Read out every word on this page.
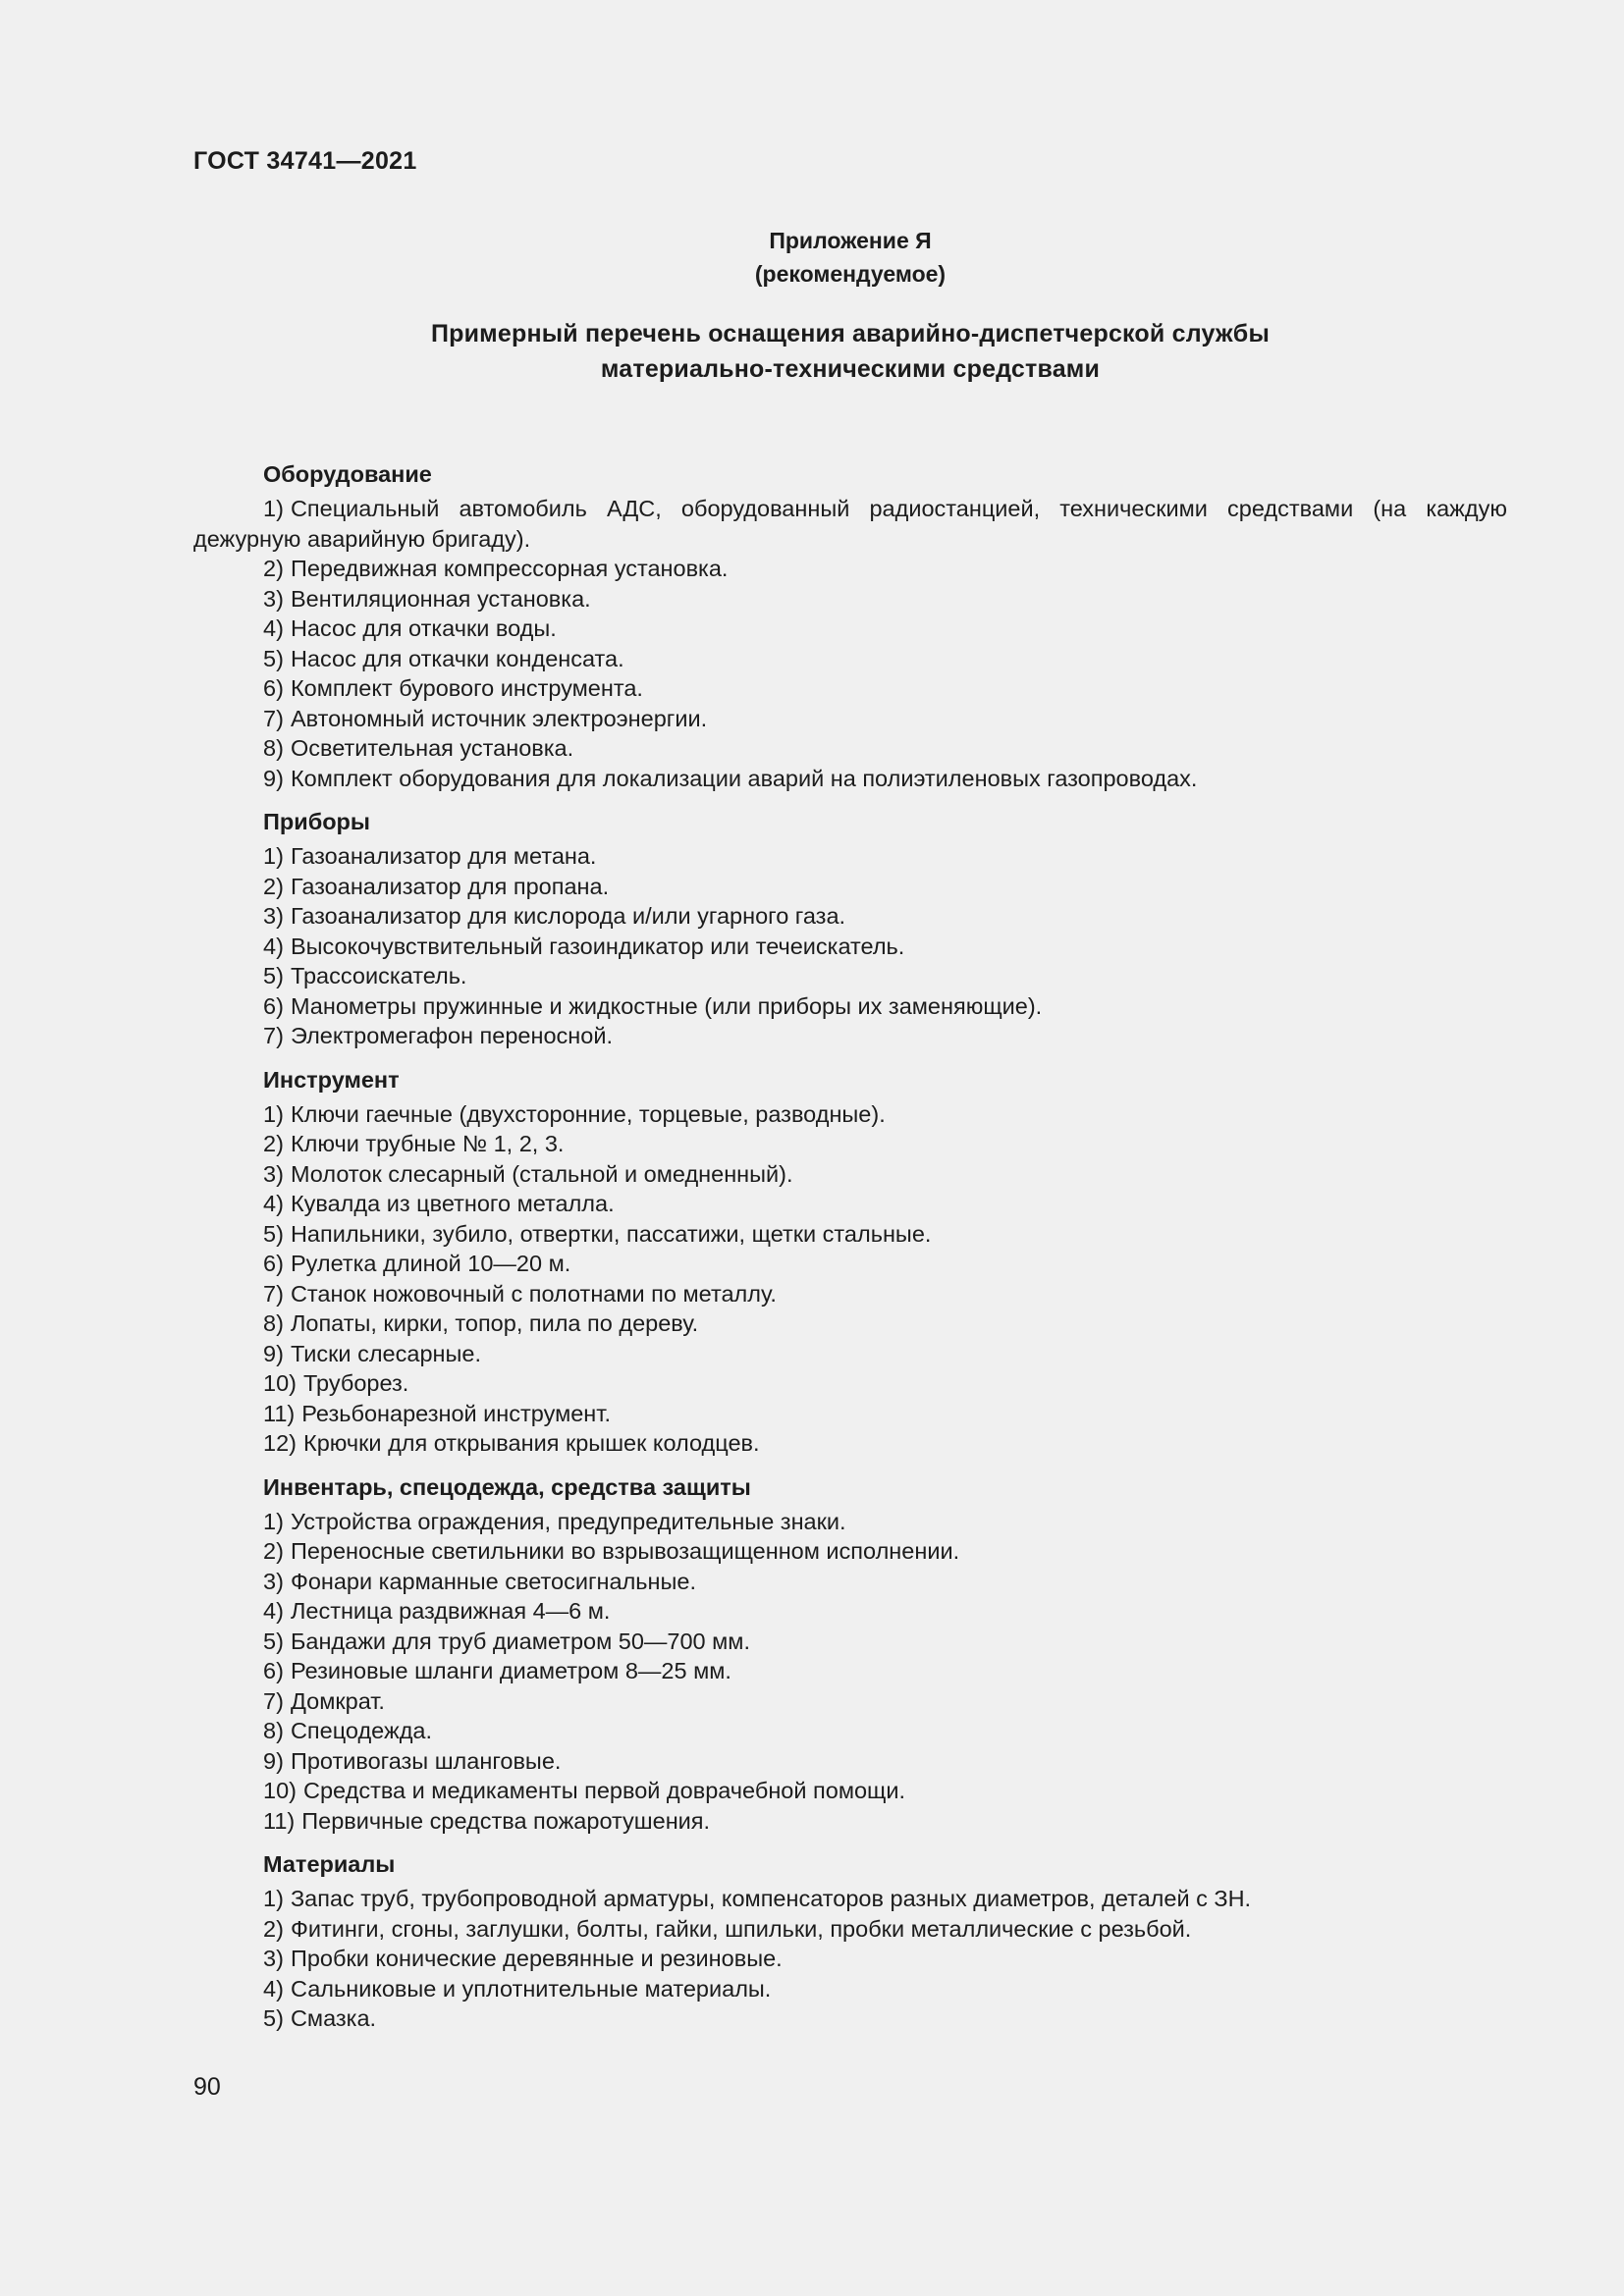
ГОСТ 34741—2021
Приложение Я
(рекомендуемое)
Примерный перечень оснащения аварийно-диспетчерской службы
материально-техническими средствами
Оборудование
1) Специальный автомобиль АДС, оборудованный радиостанцией, техническими средствами (на каждую дежурную аварийную бригаду).
2) Передвижная компрессорная установка.
3) Вентиляционная установка.
4) Насос для откачки воды.
5) Насос для откачки конденсата.
6) Комплект бурового инструмента.
7) Автономный источник электроэнергии.
8) Осветительная установка.
9) Комплект оборудования для локализации аварий на полиэтиленовых газопроводах.
Приборы
1) Газоанализатор для метана.
2) Газоанализатор для пропана.
3) Газоанализатор для кислорода и/или угарного газа.
4) Высокочувствительный газоиндикатор или течеискатель.
5) Трассоискатель.
6) Манометры пружинные и жидкостные (или приборы их заменяющие).
7) Электромегафон переносной.
Инструмент
1) Ключи гаечные (двухсторонние, торцевые, разводные).
2) Ключи трубные № 1, 2, 3.
3) Молоток слесарный (стальной и омедненный).
4) Кувалда из цветного металла.
5) Напильники, зубило, отвертки, пассатижи, щетки стальные.
6) Рулетка длиной 10—20 м.
7) Станок ножовочный с полотнами по металлу.
8) Лопаты, кирки, топор, пила по дереву.
9) Тиски слесарные.
10) Труборез.
11) Резьбонарезной инструмент.
12) Крючки для открывания крышек колодцев.
Инвентарь, спецодежда, средства защиты
1) Устройства ограждения, предупредительные знаки.
2) Переносные светильники во взрывозащищенном исполнении.
3) Фонари карманные светосигнальные.
4) Лестница раздвижная 4—6 м.
5) Бандажи для труб диаметром 50—700 мм.
6) Резиновые шланги диаметром 8—25 мм.
7) Домкрат.
8) Спецодежда.
9) Противогазы шланговые.
10) Средства и медикаменты первой доврачебной помощи.
11) Первичные средства пожаротушения.
Материалы
1) Запас труб, трубопроводной арматуры, компенсаторов разных диаметров, деталей с ЗН.
2) Фитинги, сгоны, заглушки, болты, гайки, шпильки, пробки металлические с резьбой.
3) Пробки конические деревянные и резиновые.
4) Сальниковые и уплотнительные материалы.
5) Смазка.
90
